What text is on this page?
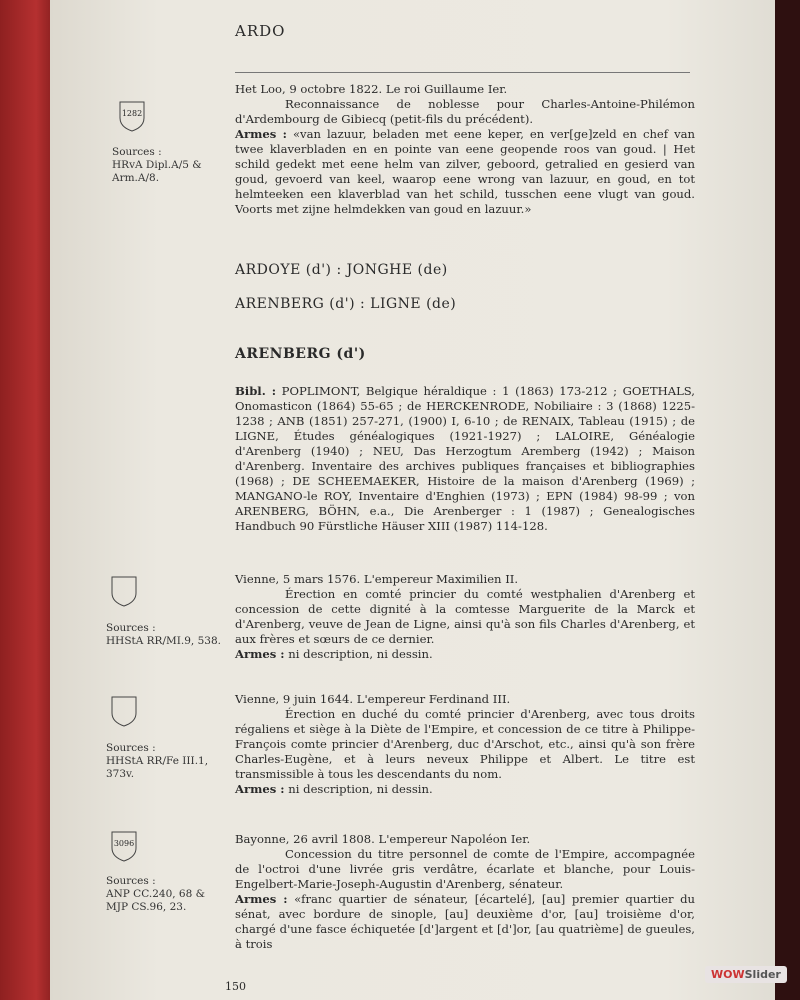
ARDO
1282
Sources :
HRvA Dipl.A/5 & Arm.A/8.

Het Loo, 9 octobre 1822. Le roi Guillaume Ier.

Reconnaissance de noblesse pour Charles-Antoine-Philémon d'Ardembourg de Gibiecq (petit-fils du précédent).

Armes : «van lazuur, beladen met eene keper, en ver[ge]zeld en chef van twee klaverbladen en en pointe van eene geopende roos van goud. | Het schild gedekt met eene helm van zilver, geboord, getralied en gesierd van goud, gevoerd van keel, waarop eene wrong van lazuur, en goud, en tot helmteeken een klaverblad van het schild, tusschen eene vlugt van goud. Voorts met zijne helmdekken van goud en lazuur.»

ARDOYE (d') : JONGHE (de)
ARENBERG (d') : LIGNE (de)
ARENBERG (d')

Bibl. : POPLIMONT, Belgique héraldique : 1 (1863) 173-212 ; GOETHALS, Onomasticon (1864) 55-65 ; de HERCKENRODE, Nobiliaire : 3 (1868) 1225-1238 ; ANB (1851) 257-271, (1900) I, 6-10 ; de RENAIX, Tableau (1915) ; de LIGNE, Études généalogiques (1921-1927) ; LALOIRE, Généalogie d'Arenberg (1940) ; NEU, Das Herzogtum Aremberg (1942) ; Maison d'Arenberg. Inventaire des archives publiques françaises et bibliographies (1968) ; DE SCHEEMAEKER, Histoire de la maison d'Arenberg (1969) ; MANGANO-le ROY, Inventaire d'Enghien (1973) ; EPN (1984) 98-99 ; von ARENBERG, BÖHN, e.a., Die Arenberger : 1 (1987) ; Genealogisches Handbuch 90 Fürstliche Häuser XIII (1987) 114-128.

Sources :
HHStA RR/MI.9, 538.

Vienne, 5 mars 1576. L'empereur Maximilien II.

Érection en comté princier du comté westphalien d'Arenberg et concession de cette dignité à la comtesse Marguerite de la Marck et d'Arenberg, veuve de Jean de Ligne, ainsi qu'à son fils Charles d'Arenberg, et aux frères et sœurs de ce dernier.

Armes : ni description, ni dessin.

Sources :
HHStA RR/Fe III.1, 373v.

Vienne, 9 juin 1644. L'empereur Ferdinand III.

Érection en duché du comté princier d'Arenberg, avec tous droits régaliens et siège à la Diète de l'Empire, et concession de ce titre à Philippe-François comte princier d'Arenberg, duc d'Arschot, etc., ainsi qu'à son frère Charles-Eugène, et à leurs neveux Philippe et Albert. Le titre est transmissible à tous les descendants du nom.

Armes : ni description, ni dessin.

3096
Sources :
ANP CC.240, 68 & MJP CS.96, 23.

Bayonne, 26 avril 1808. L'empereur Napoléon Ier.

Concession du titre personnel de comte de l'Empire, accompagnée de l'octroi d'une livrée gris verdâtre, écarlate et blanche, pour Louis-Engelbert-Marie-Joseph-Augustin d'Arenberg, sénateur.

Armes : «franc quartier de sénateur, [écartelé], [au] premier quartier du sénat, avec bordure de sinople, [au] deuxième d'or, [au] troisième d'or, chargé d'une fasce échiquetée [d']argent et [d']or, [au quatrième] de gueules, à trois

150
WOWSlider
